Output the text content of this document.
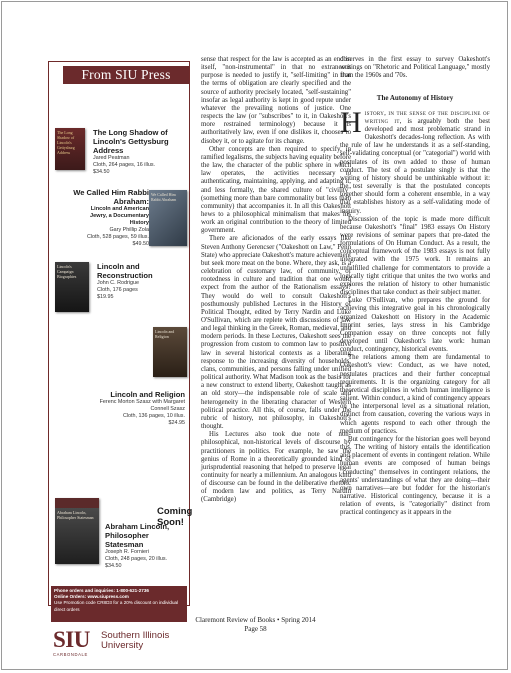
From SIU Press
The Long Shadow of Lincoln's Gettysburg Address
The Long Shadow of Lincoln's Gettysburg Address
Jared Peatman
Cloth, 264 pages, 16 illus.
$34.50
We Called Him Rabbi Abraham
We Called Him Rabbi Abraham:
Lincoln and American Jewry, a Documentary History
Gary Phillip Zola
Cloth, 528 pages, 59 illus.
$49.50
Lincoln's Campaign Biographies
Lincoln and Reconstruction
John C. Rodrigue
Cloth, 176 pages
$19.95
Lincoln and Religion
Lincoln and Religion
Ferenc Morton Szasz with Margaret Connell Szasz
Cloth, 136 pages, 10 illus.
$24.95
Abraham Lincoln, Philosopher Statesman
Coming Soon!
Abraham Lincoln, Philosopher Statesman
Joseph R. Fornieri
Cloth, 248 pages, 20 illus.
$34.50
Phone orders and inquiries: 1-800-621-2736
Online Orders: www.siupress.com
Use Promotion code CR8D3 for a 20% discount on individual direct orders
SIU
CARBONDALE
Southern Illinois University

sense that respect for the law is accepted as an end in itself, "non-instrumental" in that no extraneous purpose is needed to justify it, "self-limiting" in that the terms of obligation are clearly specified and the source of authority precisely located, "self-sustaining" insofar as legal authority is kept in good repute under whatever the prevailing notions of justice. One respects the law (or "subscribes" to it, in Oakeshott's more restrained terminology) because it is authoritatively law, even if one dislikes it, chooses to disobey it, or to agitate for its change.

Other concepts are then required to specify, in ramified legalisms, the subjects having equality before the law, the character of the public sphere in which law operates, the activities necessary to authenticating, maintaining, applying, and adapting it, and less formally, the shared culture of "civility" (something more than bare commonality but less than community) that accompanies it. In all this Oakeshott hews to a philosophical minimalism that makes his work an original contribution to the theory of limited government.

There are aficionados of the early essays like Steven Anthony Gerencser ("Oakeshott on Law," Penn State) who appreciate Oakeshott's mature achievement but seek more meat on the bone. Where, they ask, is a celebration of customary law, of community, of rootedness in culture and tradition that one would expect from the author of the Rationalism essays? They would do well to consult Oakeshott's posthumously published Lectures in the History of Political Thought, edited by Terry Nardin and Luke O'Sullivan, which are replete with discussions of law and legal thinking in the Greek, Roman, medieval, and modern periods. In these Lectures, Oakeshott sees the progression from custom to common law to positive law in several historical contexts as a liberating response to the increasing diversity of households, clans, communities, and persons falling under unified political authority. What Madison took as the basis for a new construct to extend liberty, Oakeshott taught as an old story—the indispensable role of scale and heterogeneity in the liberating character of Western political practice. All this, of course, falls under the rubric of history, not philosophy, in Oakeshott's thought.

His Lectures also took due note of non-philosophical, non-historical levels of discourse by practitioners in politics. For example, he saw the genius of Rome in a theoretically grounded kind of jurisprudential reasoning that helped to preserve legal continuity for nearly a millennium. An analogous kind of discourse can be found in the deliberative rhetoric of modern law and politics, as Terry Nardin (Cambridge)

observes in the first essay to survey Oakeshott's writings on "Rhetoric and Political Language," mostly from the 1960s and '70s.

The Autonomy of History

History, in the sense of the discipline of writing it, is arguably both the best developed and most problematic strand in Oakeshott's decades-long reflection. As with the rule of law he understands it as a self-standing, self-validating conceptual (or "categorial") world with postulates of its own added to those of human conduct. The test of a postulate singly is that the writing of history should be unthinkable without it: the test severally is that the postulated concepts together should form a coherent ensemble, in a way that establishes history as a self-validating mode of inquiry.

Discussion of the topic is made more difficult because Oakeshott's "final" 1983 essays On History were revisions of seminar papers that pre-dated the formulations of On Human Conduct. As a result, the conceptual framework of the 1983 essays is not fully integrated with the 1975 work. It remains an unfulfilled challenge for commentators to provide a logically tight critique that unites the two works and explores the relation of history to other humanistic disciplines that take conduct as their subject matter.

Luke O'Sullivan, who prepares the ground for achieving this integrative goal in his chronologically organized Oakeshott on History in the Academic Imprint series, lays stress in his Cambridge Companion essay on three concepts not fully developed until Oakeshott's late work: human conduct, contingency, historical events.

The relations among them are fundamental to Oakeshott's view: Conduct, as we have noted, postulates practices and their further conceptual requirements. It is the organizing category for all theoretical disciplines in which human intelligence is salient. Within conduct, a kind of contingency appears on the interpersonal level as a situational relation, distinct from causation, covering the various ways in which agents respond to each other through the medium of practices.

But contingency for the historian goes well beyond this. The writing of history entails the identification and placement of events in contingent relation. While human events are composed of human beings "conducting" themselves in contingent relations, the agents' understandings of what they are doing—their own narratives—are but fodder for the historian's narrative. Historical contingency, because it is a relation of events, is "categorially" distinct from practical contingency as it appears in the

Claremont Review of Books • Spring 2014
Page 58
